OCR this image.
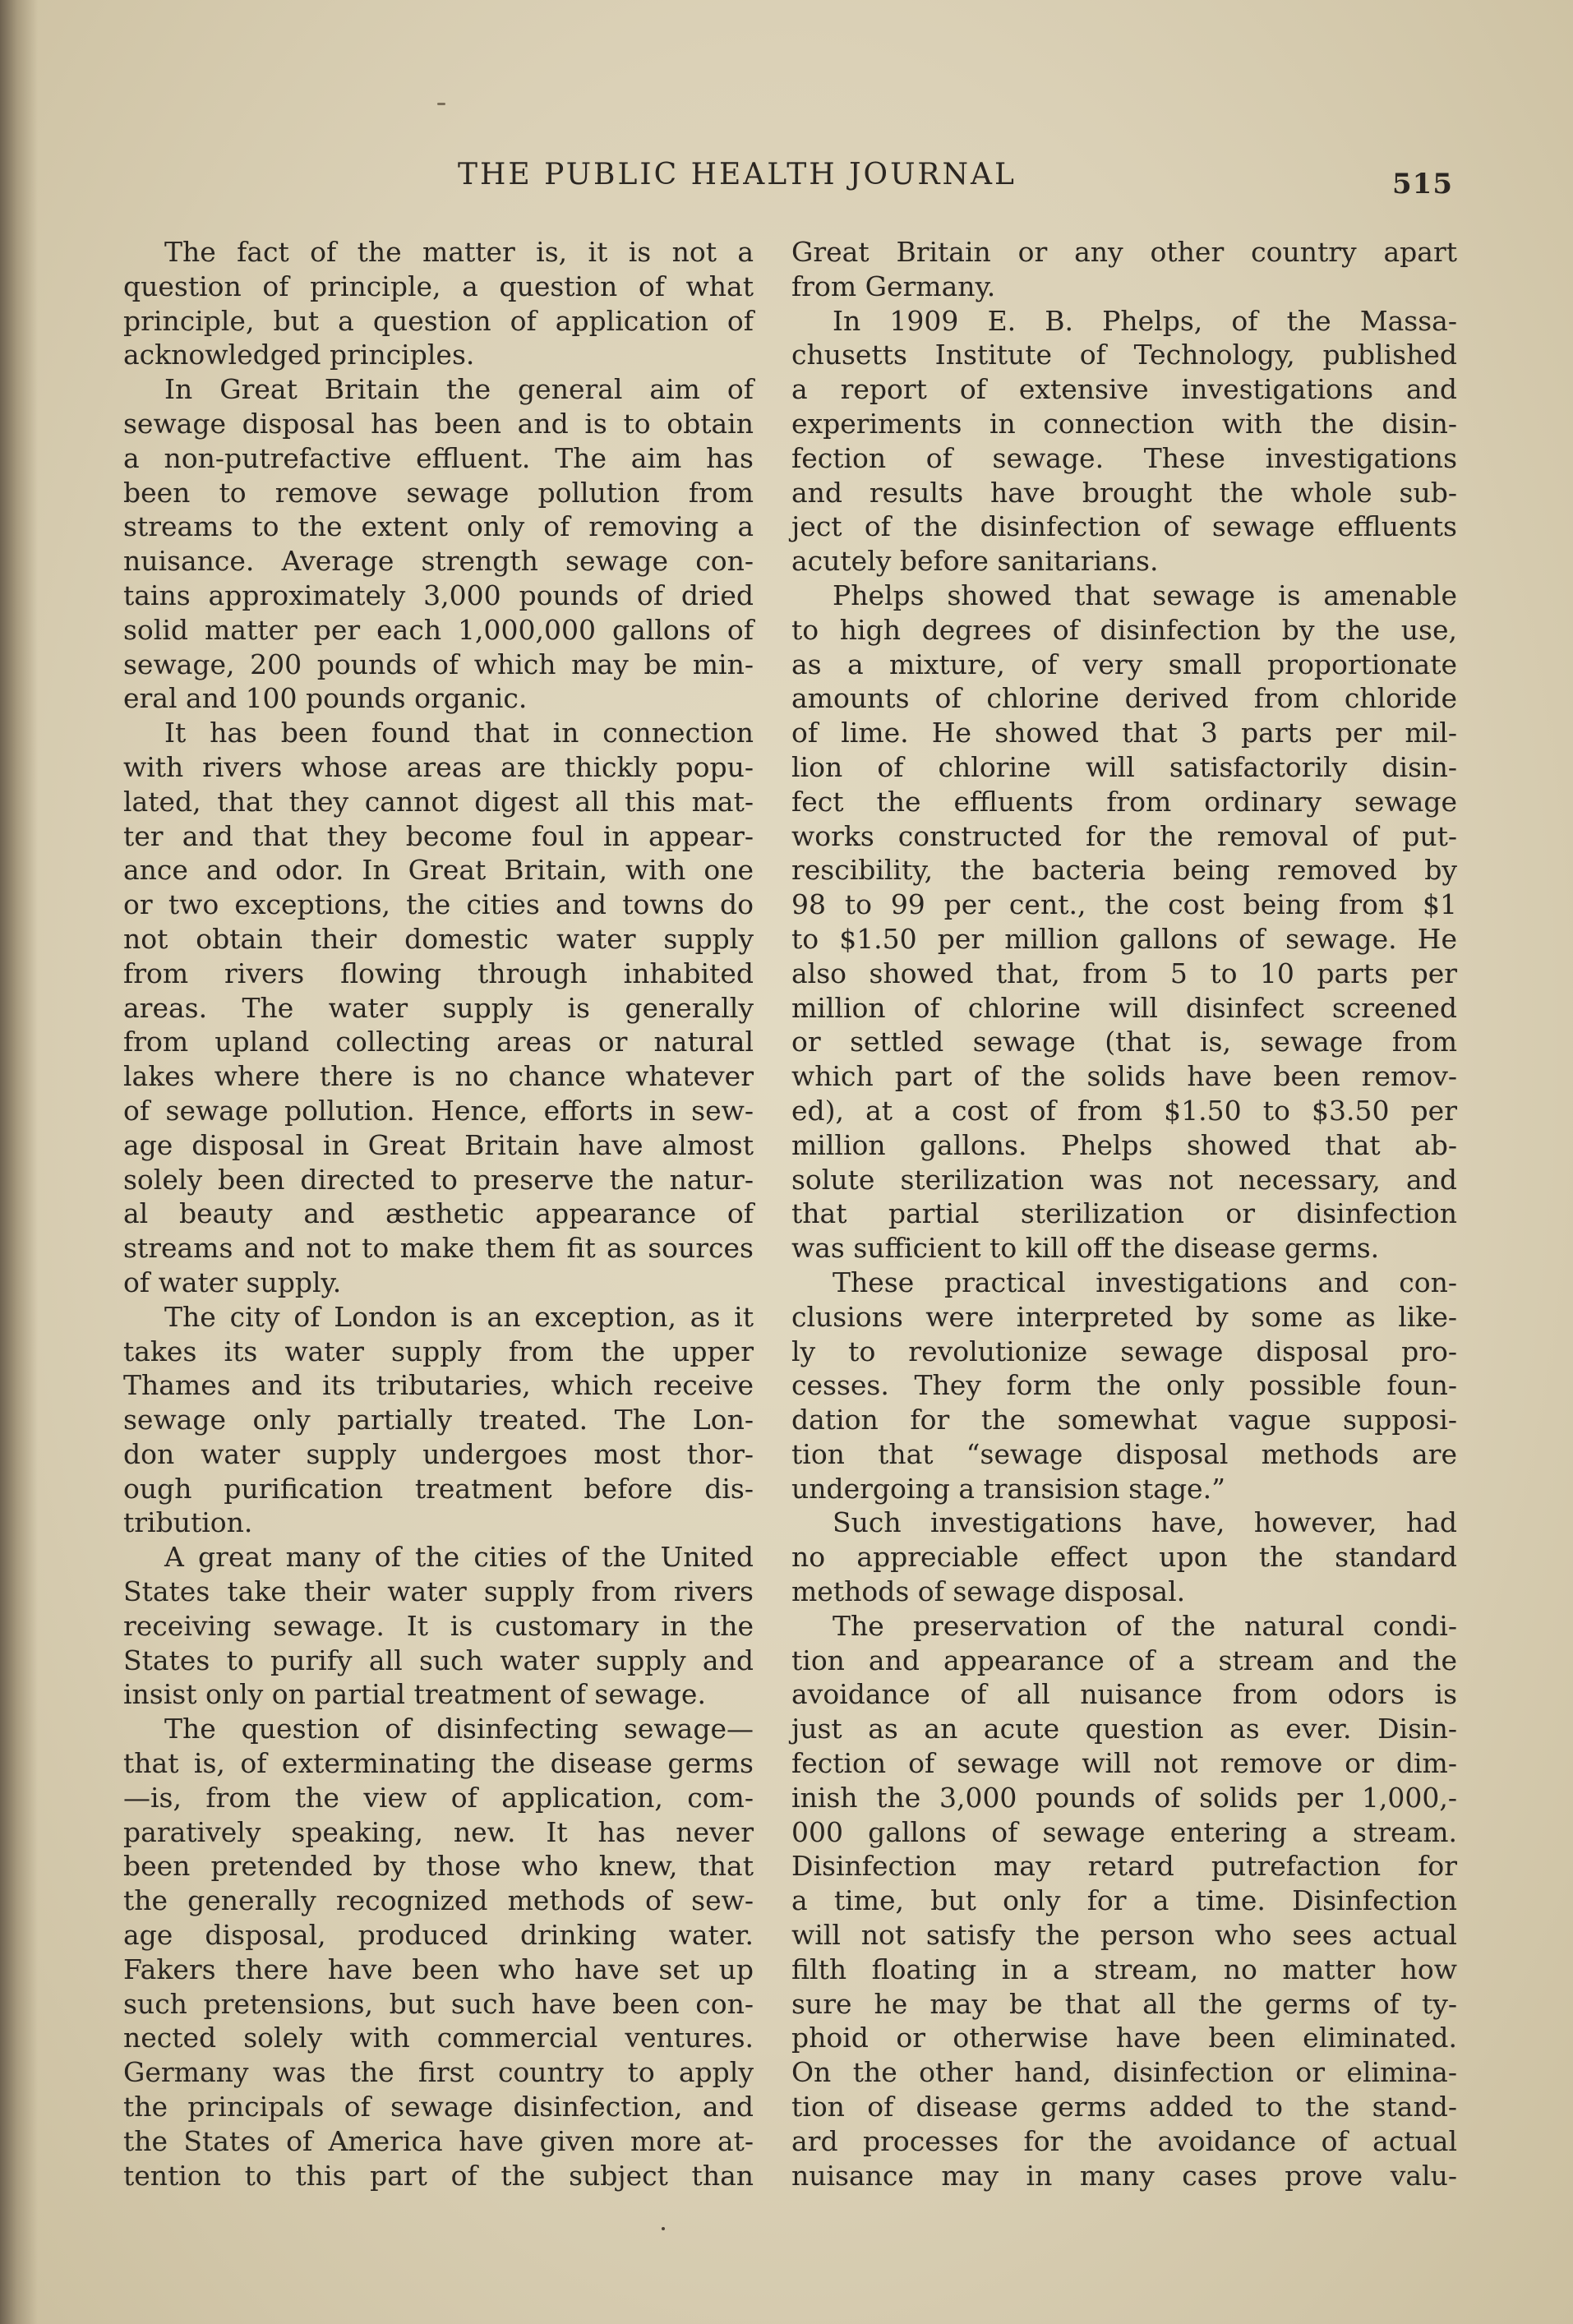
THE PUBLIC HEALTH JOURNAL	515

The fact of the matter is, it is not a
question of principle, a question of what
principle, but a question of application of
acknowledged principles.

In Great Britain the general aim of
sewage disposal has been and is to obtain
a non-putrefactive effluent. The aim has
been to remove sewage pollution from
streams to the extent only of removing a
nuisance. Average strength sewage con-
tains approximately 3,000 pounds of dried
solid matter per each 1,000,000 gallons of
sewage, 200 pounds of which may be min-
eral and 100 pounds organic.

It has been found that in connection
with rivers whose areas are thickly popu-
lated, that they cannot digest all this mat-
ter and that they become foul in appear-
ance and odor. In Great Britain, with one
or two exceptions, the cities and towns do
not obtain their domestic water supply
from rivers flowing through inhabited
areas. The water supply is generally
from upland collecting areas or natural
lakes where there is no chance whatever
of sewage pollution. Hence, efforts in sew-
age disposal in Great Britain have almost
solely been directed to preserve the natur-
al beauty and æsthetic appearance of
streams and not to make them fit as sources
of water supply.

The city of London is an exception, as it
takes its water supply from the upper
Thames and its tributaries, which receive
sewage only partially treated. The Lon-
don water supply undergoes most thor-
ough purification treatment before dis-
tribution.

A great many of the cities of the United
States take their water supply from rivers
receiving sewage. It is customary in the
States to purify all such water supply and
insist only on partial treatment of sewage.

The question of disinfecting sewage—
that is, of exterminating the disease germs
—is, from the view of application, com-
paratively speaking, new. It has never
been pretended by those who knew, that
the generally recognized methods of sew-
age disposal, produced drinking water.
Fakers there have been who have set up
such pretensions, but such have been con-
nected solely with commercial ventures.
Germany was the first country to apply
the principals of sewage disinfection, and
the States of America have given more at-
tention to this part of the subject than

Great Britain or any other country apart
from Germany.

In 1909 E. B. Phelps, of the Massa-
chusetts Institute of Technology, published
a report of extensive investigations and
experiments in connection with the disin-
fection of sewage. These investigations
and results have brought the whole sub-
ject of the disinfection of sewage effluents
acutely before sanitarians.

Phelps showed that sewage is amenable
to high degrees of disinfection by the use,
as a mixture, of very small proportionate
amounts of chlorine derived from chloride
of lime. He showed that 3 parts per mil-
lion of chlorine will satisfactorily disin-
fect the effluents from ordinary sewage
works constructed for the removal of put-
rescibility, the bacteria being removed by
98 to 99 per cent., the cost being from $1
to $1.50 per million gallons of sewage. He
also showed that, from 5 to 10 parts per
million of chlorine will disinfect screened
or settled sewage (that is, sewage from
which part of the solids have been remov-
ed), at a cost of from $1.50 to $3.50 per
million gallons. Phelps showed that ab-
solute sterilization was not necessary, and
that partial sterilization or disinfection
was sufficient to kill off the disease germs.

These practical investigations and con-
clusions were interpreted by some as like-
ly to revolutionize sewage disposal pro-
cesses. They form the only possible foun-
dation for the somewhat vague supposi-
tion that “sewage disposal methods are
undergoing a transision stage.”

Such investigations have, however, had
no appreciable effect upon the standard
methods of sewage disposal.

The preservation of the natural condi-
tion and appearance of a stream and the
avoidance of all nuisance from odors is
just as an acute question as ever. Disin-
fection of sewage will not remove or dim-
inish the 3,000 pounds of solids per 1,000,-
000 gallons of sewage entering a stream.
Disinfection may retard putrefaction for
a time, but only for a time. Disinfection
will not satisfy the person who sees actual
filth floating in a stream, no matter how
sure he may be that all the germs of ty-
phoid or otherwise have been eliminated.
On the other hand, disinfection or elimina-
tion of disease germs added to the stand-
ard processes for the avoidance of actual
nuisance may in many cases prove valu-
